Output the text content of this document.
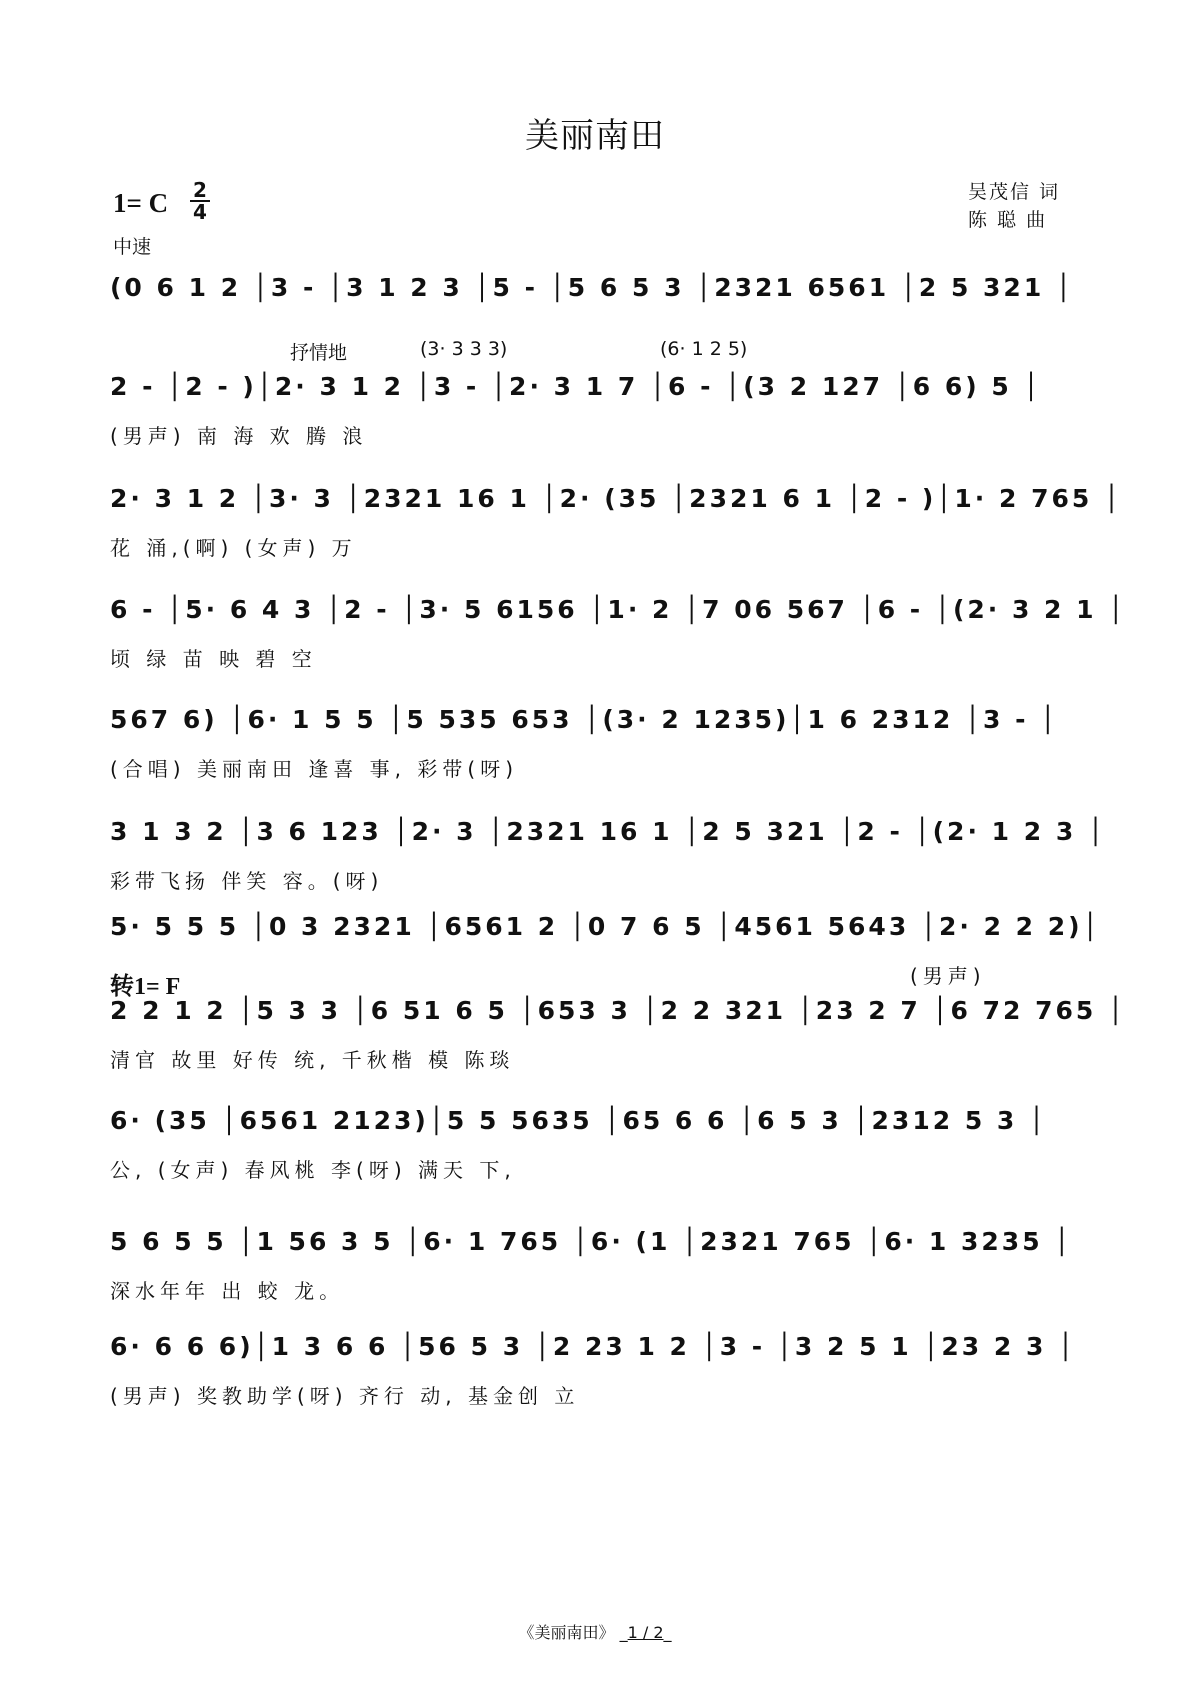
美丽南田
1= C 2
4
中速
吴茂信 词
陈 聪 曲
(0 6 1 2 │3 - │3 1 2 3 │5 - │5 6 5 3 │2321 6561 │2 5 321 │
抒情地	(3· 3 3 3)	(6· 1 2 5)
2 - │2 - )│2· 3 1 2 │3 - │2· 3 1 7 │6 - │(3 2 127 │6 6) 5 │
(男声) 南 海 欢 腾 浪
2· 3 1 2 │3· 3 │2321 16 1 │2· (35 │2321 6 1 │2 - )│1· 2 765 │
花 涌,(啊) (女声) 万
6 - │5· 6 4 3 │2 - │3· 5 6156 │1· 2 │7 06 567 │6 - │(2· 3 2 1 │
顷 绿 苗 映 碧 空
567 6) │6· 1 5 5 │5 535 653 │(3· 2 1235)│1 6 2312 │3 - │
(合唱) 美丽南田 逢喜 事, 彩带(呀)
3 1 3 2 │3 6 123 │2· 3 │2321 16 1 │2 5 321 │2 - │(2· 1 2 3 │
彩带飞扬 伴笑 容。(呀)
5· 5 5 5 │0 3 2321 │6561 2 │0 7 6 5 │4561 5643 │2· 2 2 2)│
(男声)
转1= F
2 2 1 2 │5 3 3 │6 51 6 5 │653 3 │2 2 321 │23 2 7 │6 72 765 │
清官 故里 好传 统, 千秋楷 模 陈琰
6· (35 │6561 2123)│5 5 5635 │65 6 6 │6 5 3 │2312 5 3 │
公, (女声) 春风桃 李(呀) 满天 下,
5 6 5 5 │1 56 3 5 │6· 1 765 │6· (1 │2321 765 │6· 1 3235 │
深水年年 出 蛟 龙。
6· 6 6 6)│1 3 6 6 │56 5 3 │2 23 1 2 │3 - │3 2 5 1 │23 2 3 │
(男声) 奖教助学(呀) 齐行 动, 基金创 立
《美丽南田》 _1 / 2_
